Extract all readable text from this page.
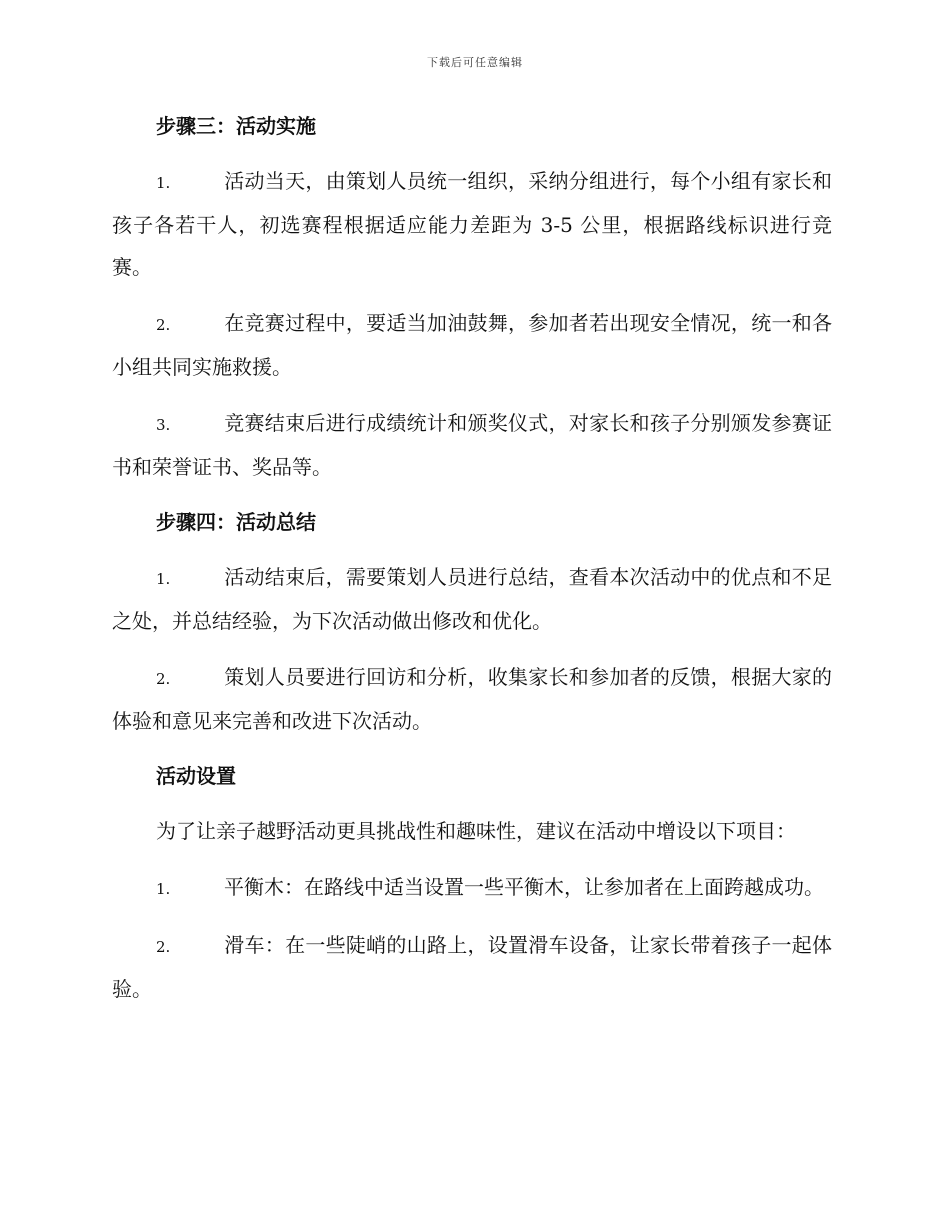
下载后可任意编辑
步骤三：活动实施

1.	活动当天，由策划人员统一组织，采纳分组进行，每个小组有家长和孩子各若干人，初选赛程根据适应能力差距为 3-5 公里，根据路线标识进行竞赛。

2.	在竞赛过程中，要适当加油鼓舞，参加者若出现安全情况，统一和各小组共同实施救援。

3.	竞赛结束后进行成绩统计和颁奖仪式，对家长和孩子分别颁发参赛证书和荣誉证书、奖品等。

步骤四：活动总结

1.	活动结束后，需要策划人员进行总结，查看本次活动中的优点和不足之处，并总结经验，为下次活动做出修改和优化。

2.	策划人员要进行回访和分析，收集家长和参加者的反馈，根据大家的体验和意见来完善和改进下次活动。

活动设置

为了让亲子越野活动更具挑战性和趣味性，建议在活动中增设以下项目：

1.	平衡木：在路线中适当设置一些平衡木，让参加者在上面跨越成功。

2.	滑车：在一些陡峭的山路上，设置滑车设备，让家长带着孩子一起体验。
